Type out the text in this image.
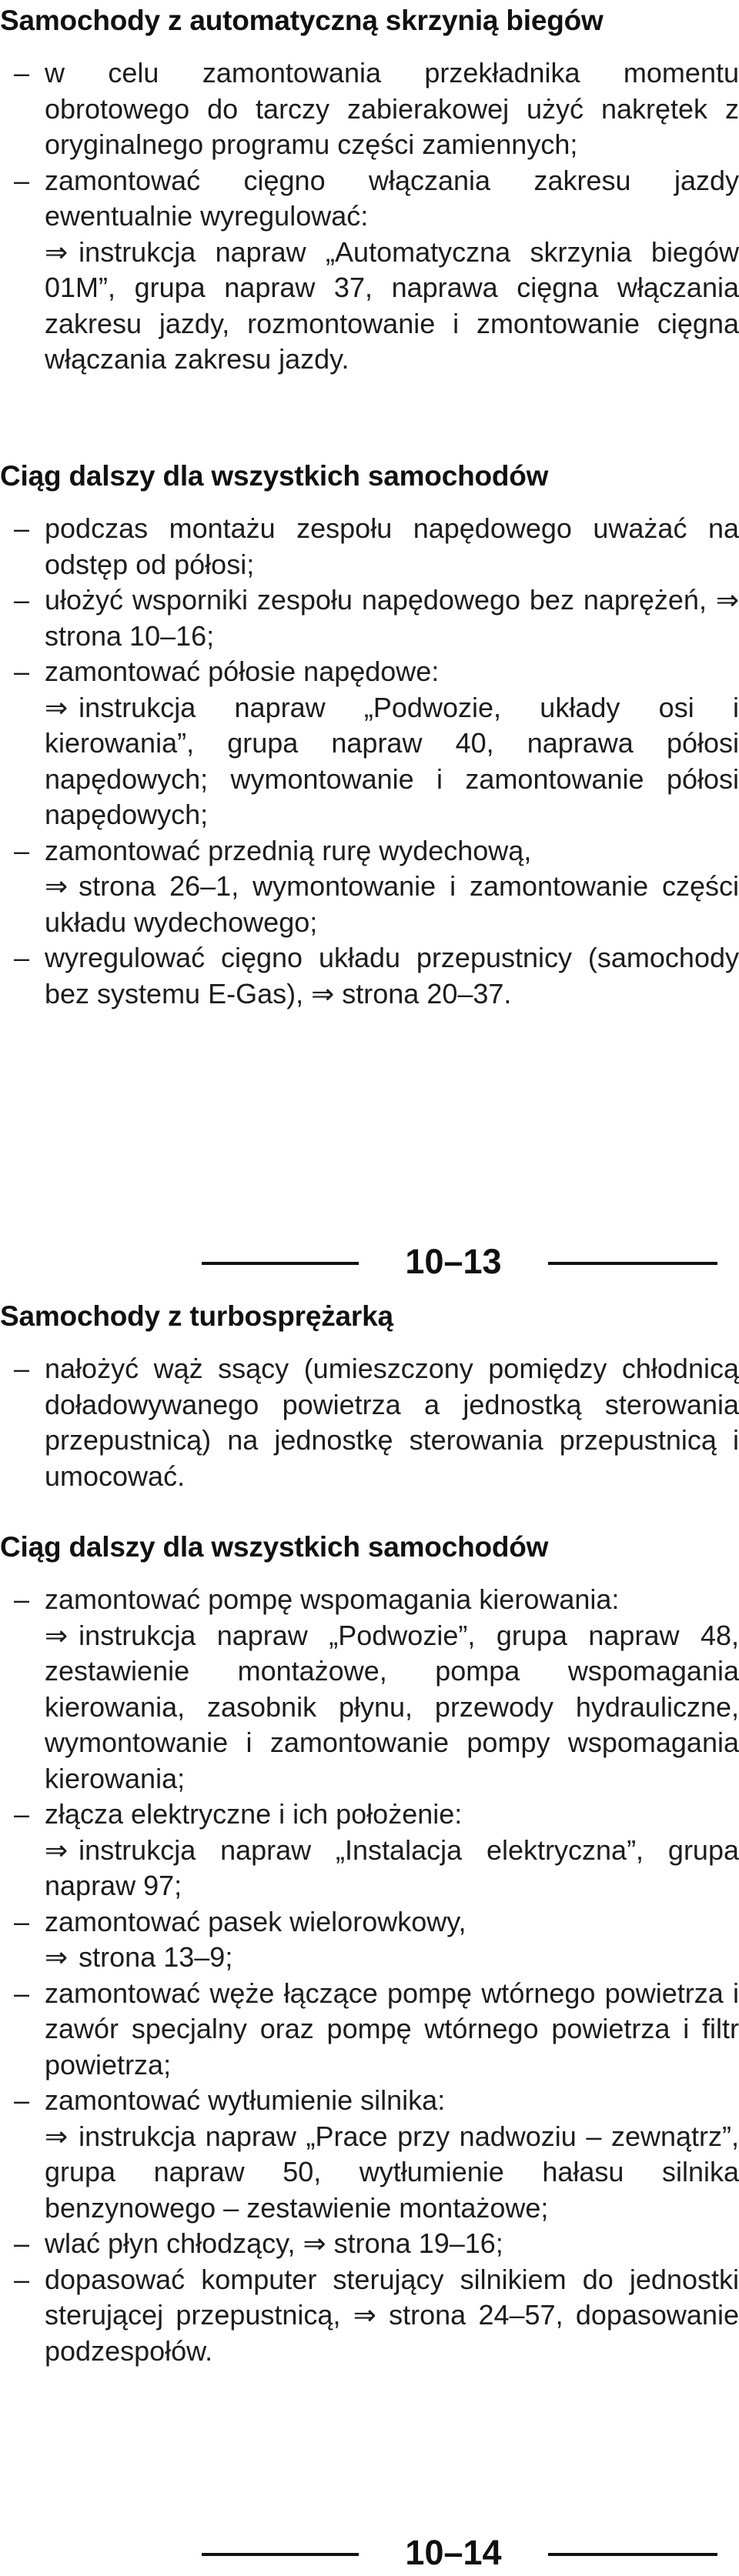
Samochody z automatyczną skrzynią biegów
– w celu zamontowania przekładnika momentu obrotowego do tarczy zabierakowej użyć nakrętek z oryginalnego programu części zamiennych;
– zamontować cięgno włączania zakresu jazdy ewentualnie wyregulować:
⇒ instrukcja napraw „Automatyczna skrzynia biegów 01M”, grupa napraw 37, naprawa cięgna włączania zakresu jazdy, rozmontowanie i zmontowanie cięgna włączania zakresu jazdy.
Ciąg dalszy dla wszystkich samochodów
– podczas montażu zespołu napędowego uważać na odstęp od półosi;
– ułożyć wsporniki zespołu napędowego bez naprężeń, ⇒ strona 10–16;
– zamontować półosie napędowe:
⇒ instrukcja napraw „Podwozie, układy osi i kierowania”, grupa napraw 40, naprawa półosi napędowych; wymontowanie i zamontowanie półosi napędowych;
– zamontować przednią rurę wydechową,
⇒ strona 26–1, wymontowanie i zamontowanie części układu wydechowego;
– wyregulować cięgno układu przepustnicy (samochody bez systemu E-Gas), ⇒ strona 20–37.
10–13
Samochody z turbosprężarką
– nałożyć wąż ssący (umieszczony pomiędzy chłodnicą doładowywanego powietrza a jednostką sterowania przepustnicą) na jednostkę sterowania przepustnicą i umocować.
Ciąg dalszy dla wszystkich samochodów
– zamontować pompę wspomagania kierowania:
⇒ instrukcja napraw „Podwozie”, grupa napraw 48, zestawienie montażowe, pompa wspomagania kierowania, zasobnik płynu, przewody hydrauliczne, wymontowanie i zamontowanie pompy wspomagania kierowania;
– złącza elektryczne i ich położenie:
⇒ instrukcja napraw „Instalacja elektryczna”, grupa napraw 97;
– zamontować pasek wielorowkowy,
⇒ strona 13–9;
– zamontować węże łączące pompę wtórnego powietrza i zawór specjalny oraz pompę wtórnego powietrza i filtr powietrza;
– zamontować wytłumienie silnika:
⇒ instrukcja napraw „Prace przy nadwoziu – zewnątrz”, grupa napraw 50, wytłumienie hałasu silnika benzynowego – zestawienie montażowe;
– wlać płyn chłodzący, ⇒ strona 19–16;
– dopasować komputer sterujący silnikiem do jednostki sterującej przepustnicą, ⇒ strona 24–57, dopasowanie podzespołów.
10–14
